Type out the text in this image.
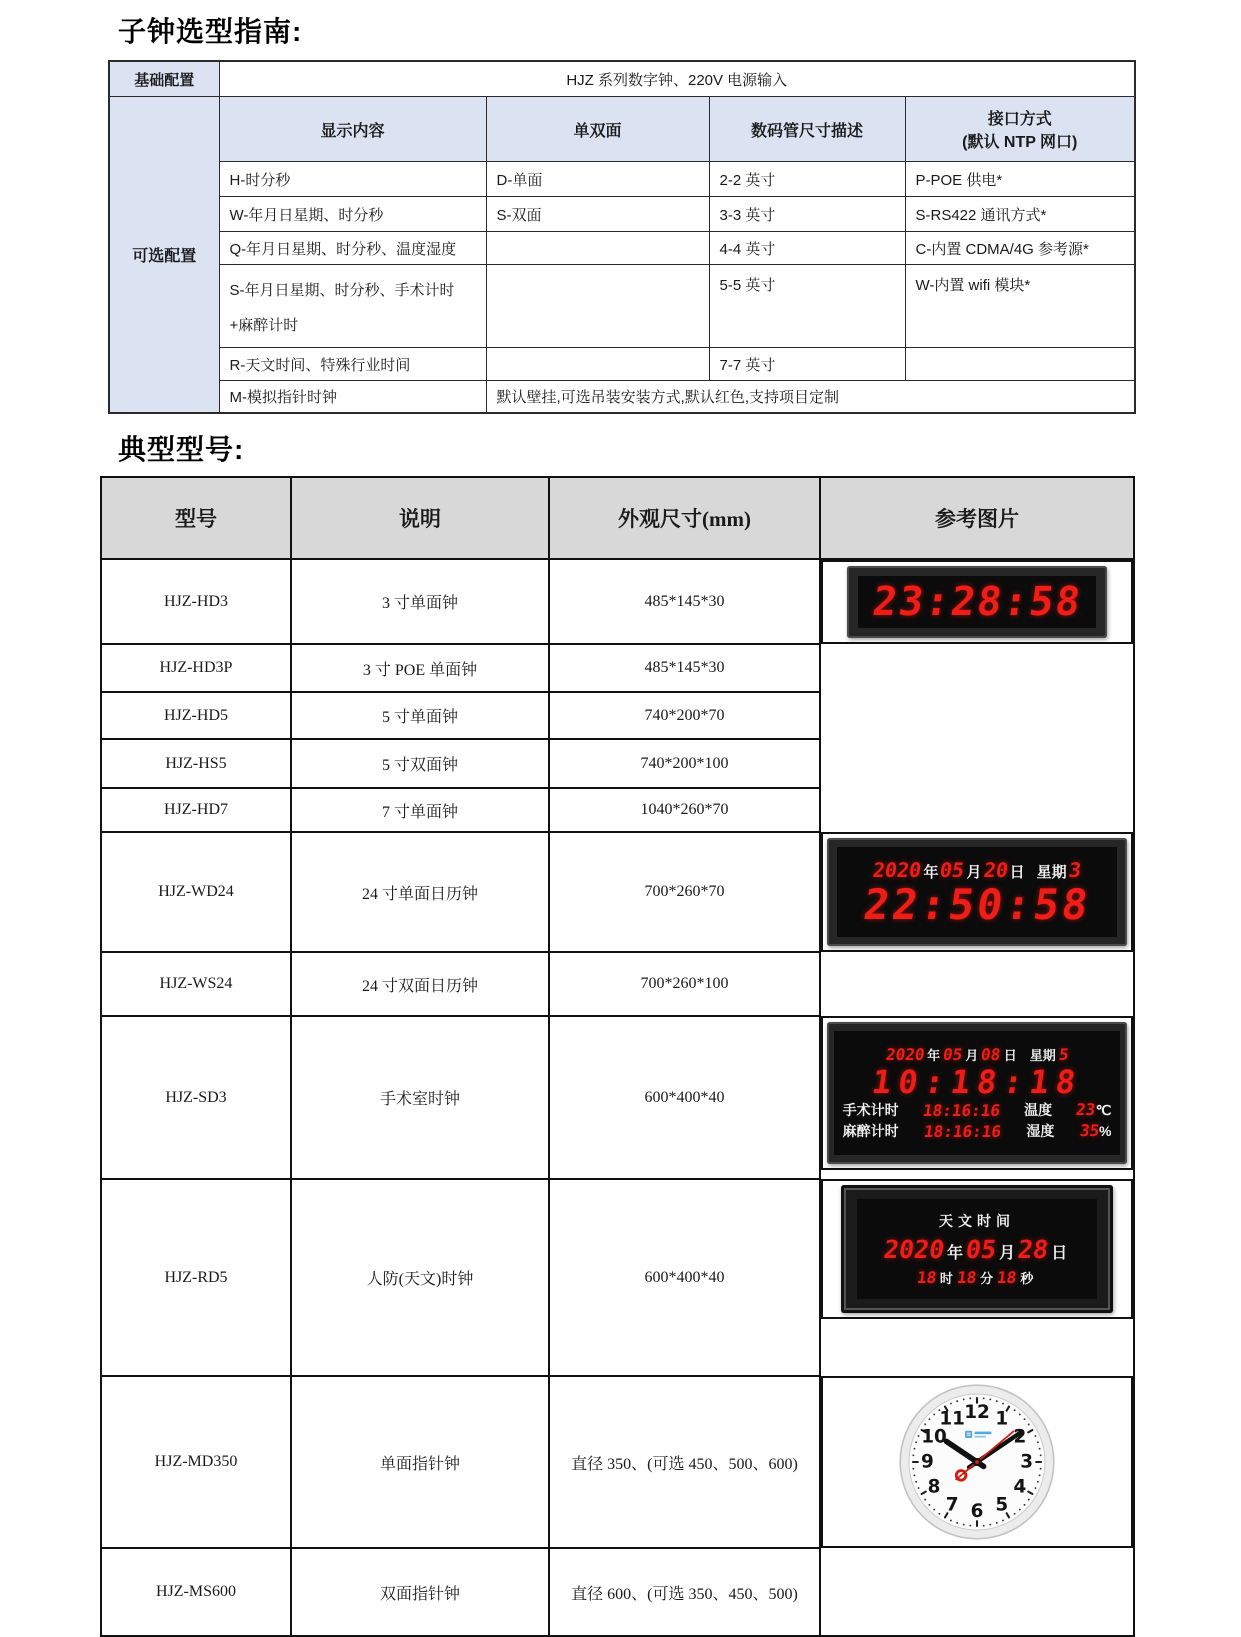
子钟选型指南:
基础配置	HJZ 系列数字钟、220V 电源输入			
可选配置	显示内容	单双面	数码管尺寸描述	接口方式
(默认 NTP 网口)

	H-时分秒	D-单面	2-2 英寸	P-POE 供电*
	W-年月日星期、时分秒	S-双面	3-3 英寸	S-RS422 通讯方式*
	Q-年月日星期、时分秒、温度湿度		4-4 英寸	C-内置 CDMA/4G 参考源*
	S-年月日星期、时分秒、手术计时+麻醉计时		5-5 英寸	W-内置 wifi 模块*
	R-天文时间、特殊行业时间		7-7 英寸	
	M-模拟指针时钟	默认壁挂,可选吊装安装方式,默认红色,支持项目定制		
典型型号:
型号	说明	外观尺寸(mm)	参考图片
HJZ-HD3	3 寸单面钟	485*145*30		23:28:58

HJZ-HD3P	3 寸 POE 单面钟	485*145*30	
HJZ-HD5	5 寸单面钟	740*200*70	
HJZ-HS5	5 寸双面钟	740*200*100	
HJZ-HD7	7 寸单面钟	1040*260*70	
HJZ-WD24	24 寸单面日历钟	700*260*70	
2020年05月20日 星期3
22:50:58

HJZ-WS24	24 寸双面日历钟	700*260*100	
HJZ-SD3	手术室时钟	600*400*40	
2020 年 05 月 08 日 星期 5
10:18:18
手术计时 18:16:16 温度 23℃
麻醉计时 18:16:16 湿度 35%

HJZ-RD5	人防(天文)时钟	600*400*40	
天文时间
2020年05月28日
18 时 18 分 18 秒

HJZ-MD350	单面指针钟	直径 350、(可选 450、500、600)	
1
2
3
4
5
6
7
8
9
10
11 12

HJZ-MS600	双面指针钟	直径 600、(可选 350、450、500)	
